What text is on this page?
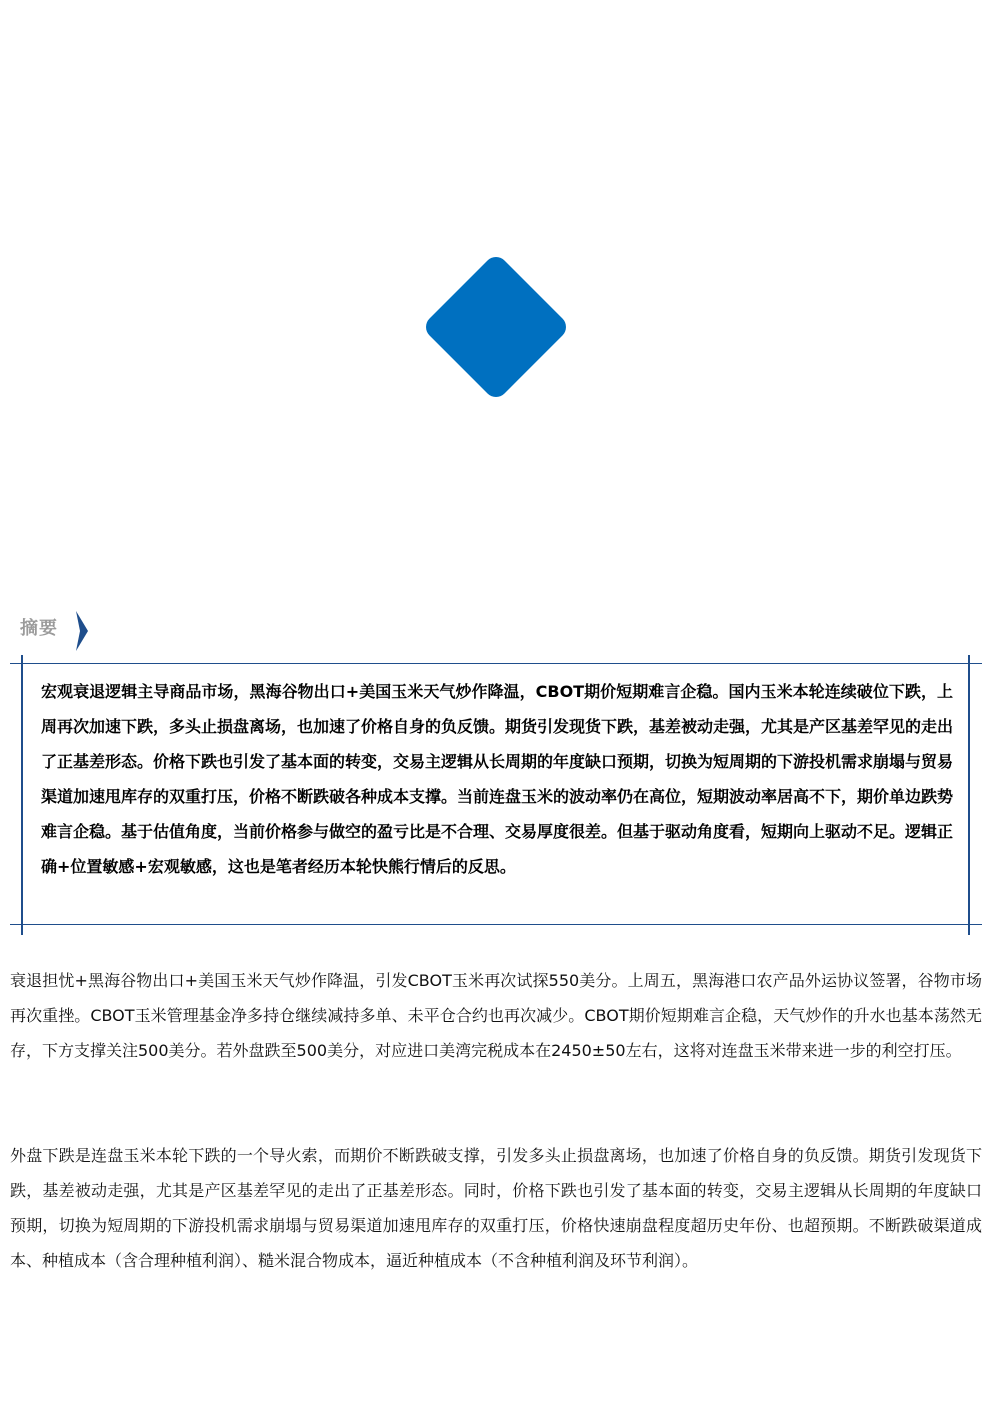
摘要

宏观衰退逻辑主导商品市场，黑海谷物出口+美国玉米天气炒作降温，CBOT期价短期难言企稳。国内玉米本轮连续破位下跌，上周再次加速下跌，多头止损盘离场，也加速了价格自身的负反馈。期货引发现货下跌，基差被动走强，尤其是产区基差罕见的走出了正基差形态。价格下跌也引发了基本面的转变，交易主逻辑从长周期的年度缺口预期，切换为短周期的下游投机需求崩塌与贸易渠道加速甩库存的双重打压，价格不断跌破各种成本支撑。当前连盘玉米的波动率仍在高位，短期波动率居高不下，期价单边跌势难言企稳。基于估值角度，当前价格参与做空的盈亏比是不合理、交易厚度很差。但基于驱动角度看，短期向上驱动不足。逻辑正确+位置敏感+宏观敏感，这也是笔者经历本轮快熊行情后的反思。

衰退担忧+黑海谷物出口+美国玉米天气炒作降温，引发CBOT玉米再次试探550美分。上周五，黑海港口农产品外运协议签署，谷物市场再次重挫。CBOT玉米管理基金净多持仓继续减持多单、未平仓合约也再次减少。CBOT期价短期难言企稳，天气炒作的升水也基本荡然无存，下方支撑关注500美分。若外盘跌至500美分，对应进口美湾完税成本在2450±50左右，这将对连盘玉米带来进一步的利空打压。

外盘下跌是连盘玉米本轮下跌的一个导火索，而期价不断跌破支撑，引发多头止损盘离场，也加速了价格自身的负反馈。期货引发现货下跌，基差被动走强，尤其是产区基差罕见的走出了正基差形态。同时，价格下跌也引发了基本面的转变，交易主逻辑从长周期的年度缺口预期，切换为短周期的下游投机需求崩塌与贸易渠道加速甩库存的双重打压，价格快速崩盘程度超历史年份、也超预期。不断跌破渠道成本、种植成本（含合理种植利润）、糙米混合物成本，逼近种植成本（不含种植利润及环节利润）。
